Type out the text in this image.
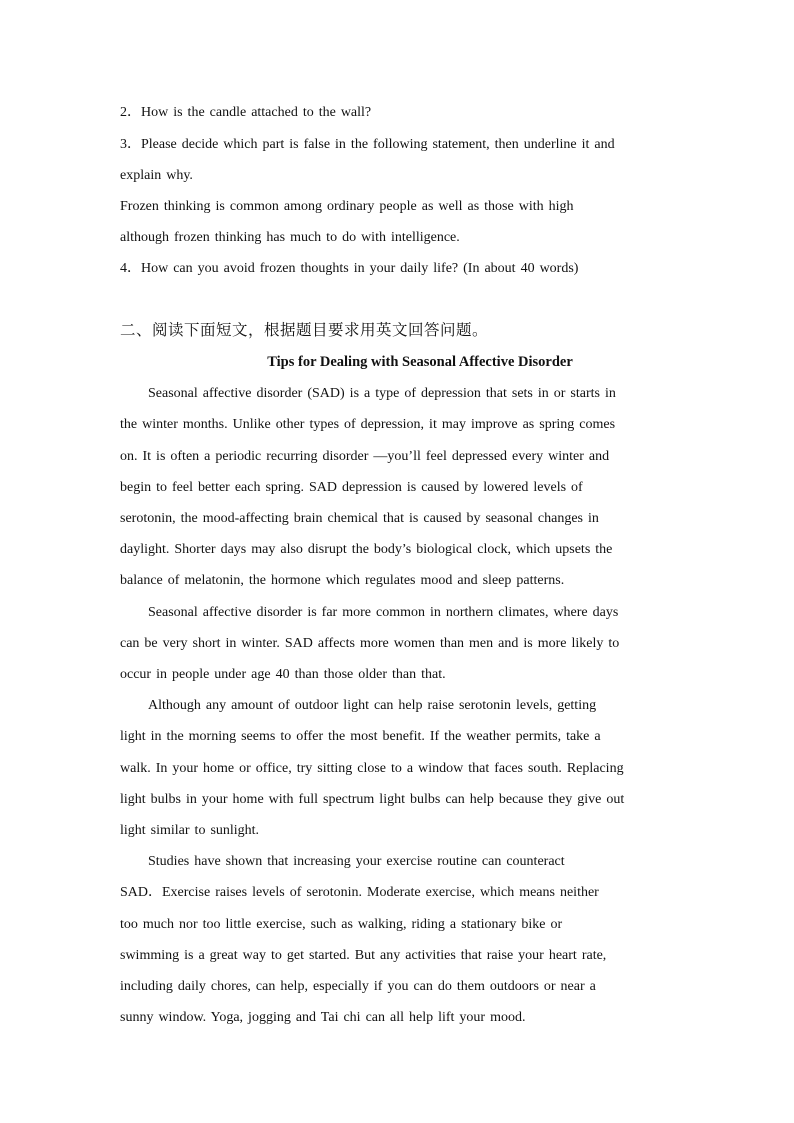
2．How is the candle attached to the wall?
3．Please decide which part is false in the following statement, then underline it and
explain why.
Frozen thinking is common among ordinary people as well as those with high
although frozen thinking has much to do with intelligence.
4．How can you avoid frozen thoughts in your daily life? (In about 40 words)
二、阅读下面短文，根据题目要求用英文回答问题。
Tips for Dealing with Seasonal Affective Disorder
Seasonal affective disorder (SAD) is a type of depression that sets in or starts in
the winter months. Unlike other types of depression, it may improve as spring comes
on. It is often a periodic recurring disorder —you’ll feel depressed every winter and
begin to feel better each spring. SAD depression is caused by lowered levels of
serotonin, the mood-affecting brain chemical that is caused by seasonal changes in
daylight. Shorter days may also disrupt the body’s biological clock, which upsets the
balance of melatonin, the hormone which regulates mood and sleep patterns.
Seasonal affective disorder is far more common in northern climates, where days
can be very short in winter. SAD affects more women than men and is more likely to
occur in people under age 40 than those older than that.
Although any amount of outdoor light can help raise serotonin levels, getting
light in the morning seems to offer the most benefit. If the weather permits, take a
walk. In your home or office, try sitting close to a window that faces south. Replacing
light bulbs in your home with full spectrum light bulbs can help because they give out
light similar to sunlight.
Studies have shown that increasing your exercise routine can counteract
SAD．Exercise raises levels of serotonin. Moderate exercise, which means neither
too much nor too little exercise, such as walking, riding a stationary bike or
swimming is a great way to get started. But any activities that raise your heart rate,
including daily chores, can help, especially if you can do them outdoors or near a
sunny window. Yoga, jogging and Tai chi can all help lift your mood.
